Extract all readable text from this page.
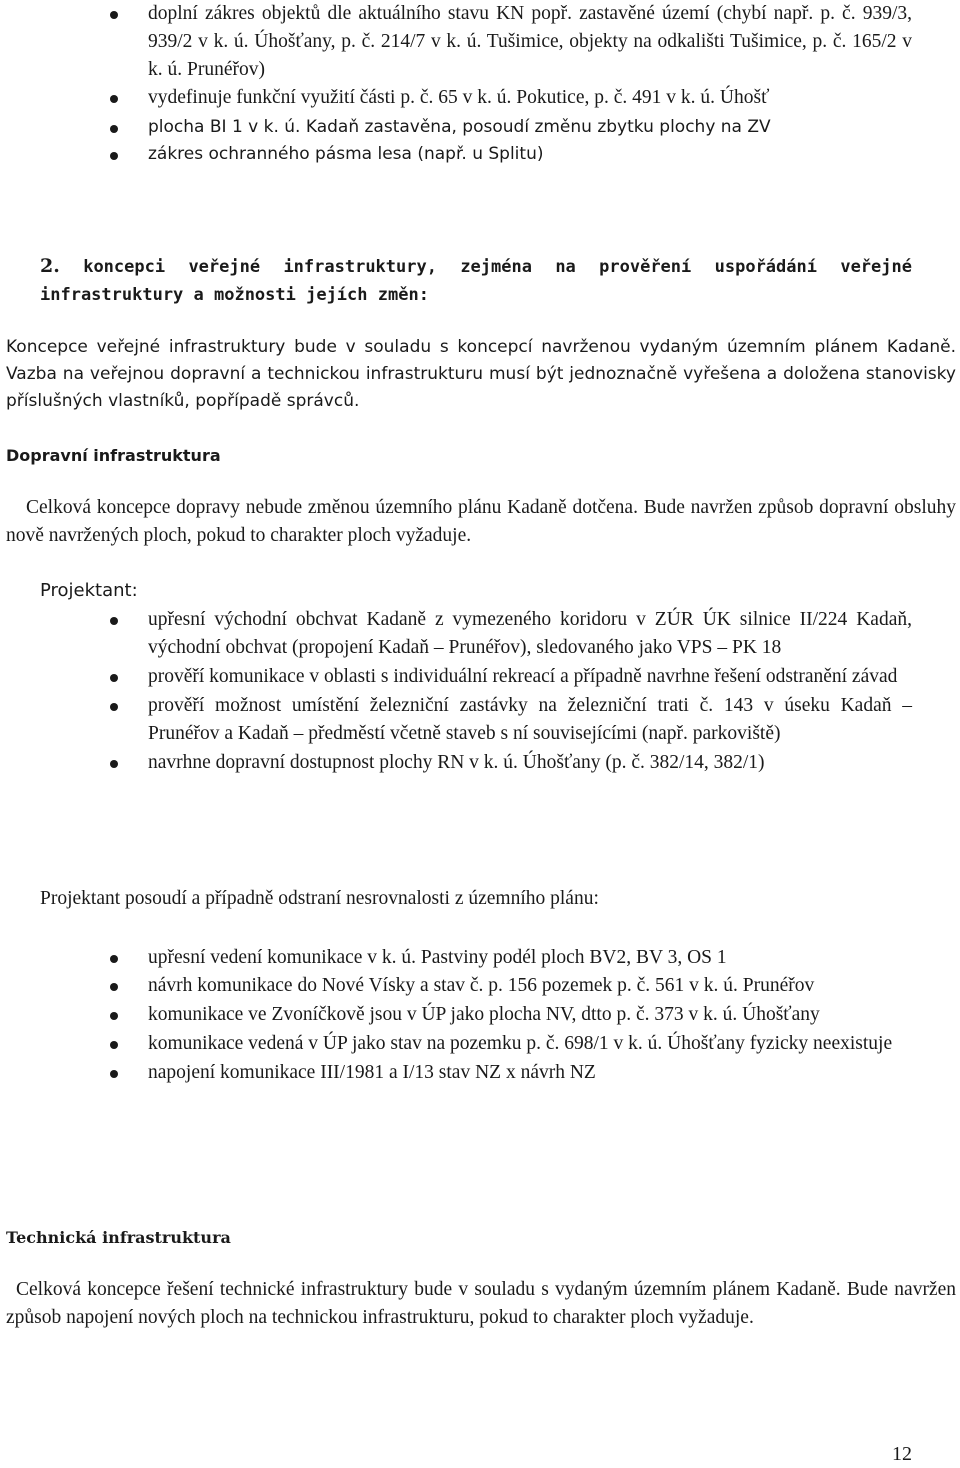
doplní zákres objektů dle aktuálního stavu KN popř. zastavěné území (chybí např. p. č. 939/3, 939/2 v k. ú. Úhošťany, p. č. 214/7 v k. ú. Tušimice, objekty na odkališti Tušimice, p. č. 165/2 v k. ú. Prunéřov)
vydefinuje funkční využití části p. č. 65 v k. ú. Pokutice, p. č. 491 v k. ú. Úhošť
plocha BI 1 v k. ú. Kadaň zastavěna, posoudí změnu zbytku plochy na ZV
zákres ochranného pásma lesa (např. u Splitu)
2. koncepci veřejné infrastruktury, zejména na prověření uspořádání veřejné infrastruktury a možnosti jejích změn:
Koncepce veřejné infrastruktury bude v souladu s koncepcí navrženou vydaným územním plánem Kadaně. Vazba na veřejnou dopravní a technickou infrastrukturu musí být jednoznačně vyřešena a doložena stanovisky příslušných vlastníků, popřípadě správců.
Dopravní infrastruktura
Celková koncepce dopravy nebude změnou územního plánu Kadaně dotčena. Bude navržen způsob dopravní obsluhy nově navržených ploch, pokud to charakter ploch vyžaduje.
Projektant:
upřesní východní obchvat Kadaně z vymezeného koridoru v ZÚR ÚK silnice II/224 Kadaň, východní obchvat (propojení Kadaň – Prunéřov), sledovaného jako VPS – PK 18
prověří komunikace v oblasti s individuální rekreací a případně navrhne řešení odstranění závad
prověří možnost umístění železniční zastávky na železniční trati č. 143 v úseku Kadaň – Prunéřov a Kadaň – předměstí včetně staveb s ní souvisejícími (např. parkoviště)
navrhne dopravní dostupnost plochy RN v k. ú. Úhošťany (p. č. 382/14, 382/1)
Projektant posoudí a případně odstraní nesrovnalosti z územního plánu:
upřesní vedení komunikace v k. ú. Pastviny podél ploch BV2, BV 3, OS 1
návrh komunikace do Nové Vísky a stav č. p. 156 pozemek p. č. 561 v k. ú. Prunéřov
komunikace ve Zvoníčkově jsou v ÚP jako plocha NV, dtto p. č. 373 v k. ú. Úhošťany
komunikace vedená v ÚP jako stav na pozemku p. č. 698/1 v k. ú. Úhošťany fyzicky neexistuje
napojení komunikace III/1981 a I/13 stav NZ x návrh NZ
Technická infrastruktura
Celková koncepce řešení technické infrastruktury bude v souladu s vydaným územním plánem Kadaně. Bude navržen způsob napojení nových ploch na technickou infrastrukturu, pokud to charakter ploch vyžaduje.
12
